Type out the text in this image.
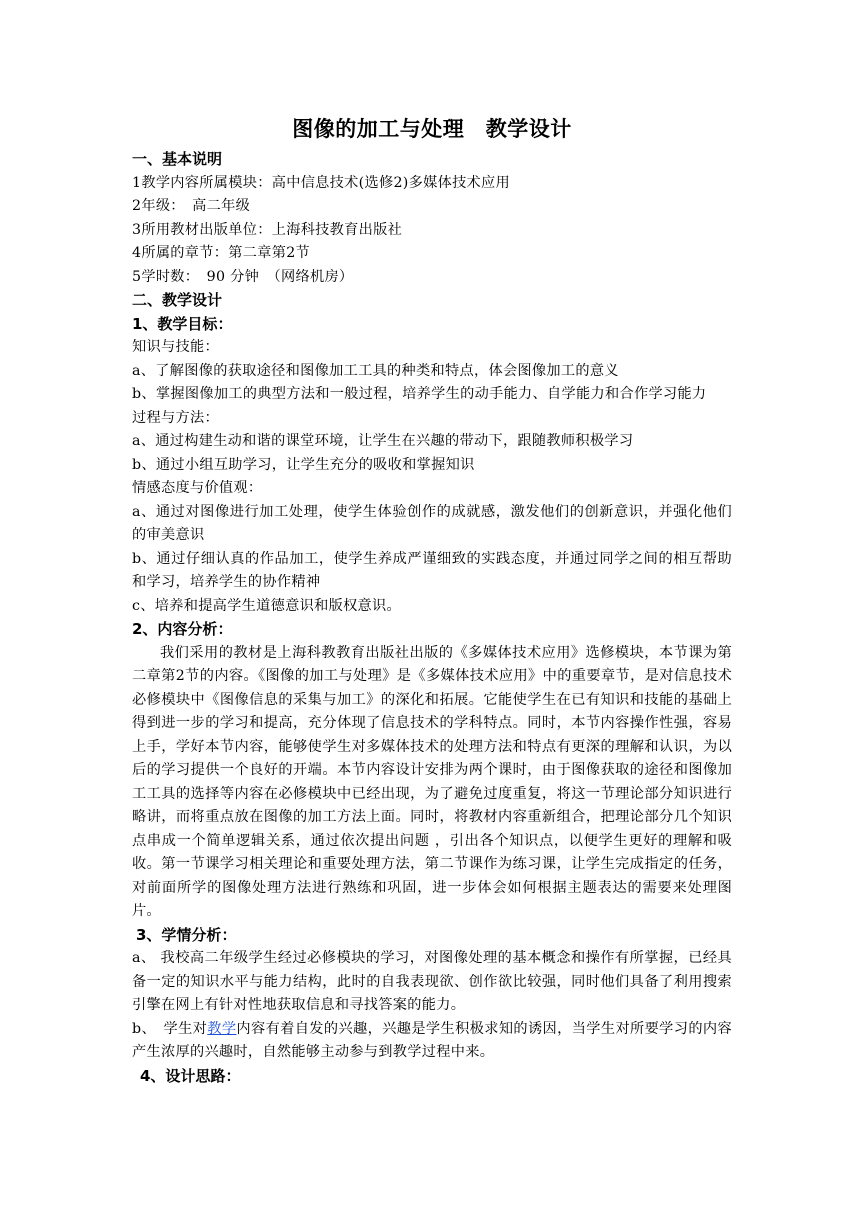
图像的加工与处理　教学设计
一、基本说明
1教学内容所属模块：高中信息技术(选修2)多媒体技术应用
2年级：　高二年级
3所用教材出版单位：上海科技教育出版社
4所属的章节：第二章第2节
5学时数：　90 分钟　（网络机房）
二、教学设计
1、教学目标：
知识与技能：
a、了解图像的获取途径和图像加工工具的种类和特点，体会图像加工的意义
b、掌握图像加工的典型方法和一般过程，培养学生的动手能力、自学能力和合作学习能力
过程与方法：
a、通过构建生动和谐的课堂环境，让学生在兴趣的带动下，跟随教师积极学习
b、通过小组互助学习，让学生充分的吸收和掌握知识
情感态度与价值观：
a、通过对图像进行加工处理，使学生体验创作的成就感，激发他们的创新意识，并强化他们的审美意识
b、通过仔细认真的作品加工，使学生养成严谨细致的实践态度，并通过同学之间的相互帮助和学习，培养学生的协作精神
c、培养和提高学生道德意识和版权意识。
2、内容分析：
我们采用的教材是上海科教教育出版社出版的《多媒体技术应用》选修模块，本节课为第二章第2节的内容。《图像的加工与处理》是《多媒体技术应用》中的重要章节，是对信息技术必修模块中《图像信息的采集与加工》的深化和拓展。它能使学生在已有知识和技能的基础上得到进一步的学习和提高，充分体现了信息技术的学科特点。同时，本节内容操作性强，容易上手，学好本节内容，能够使学生对多媒体技术的处理方法和特点有更深的理解和认识，为以后的学习提供一个良好的开端。本节内容设计安排为两个课时，由于图像获取的途径和图像加工工具的选择等内容在必修模块中已经出现，为了避免过度重复，将这一节理论部分知识进行略讲，而将重点放在图像的加工方法上面。同时，将教材内容重新组合，把理论部分几个知识点串成一个简单逻辑关系，通过依次提出问题 ，引出各个知识点，以便学生更好的理解和吸收。第一节课学习相关理论和重要处理方法，第二节课作为练习课，让学生完成指定的任务，对前面所学的图像处理方法进行熟练和巩固，进一步体会如何根据主题表达的需要来处理图片。
3、学情分析：
a、 我校高二年级学生经过必修模块的学习，对图像处理的基本概念和操作有所掌握，已经具备一定的知识水平与能力结构，此时的自我表现欲、创作欲比较强，同时他们具备了利用搜索引擎在网上有针对性地获取信息和寻找答案的能力。
b、　学生对教学内容有着自发的兴趣，兴趣是学生积极求知的诱因，当学生对所要学习的内容产生浓厚的兴趣时，自然能够主动参与到教学过程中来。
4、设计思路：
